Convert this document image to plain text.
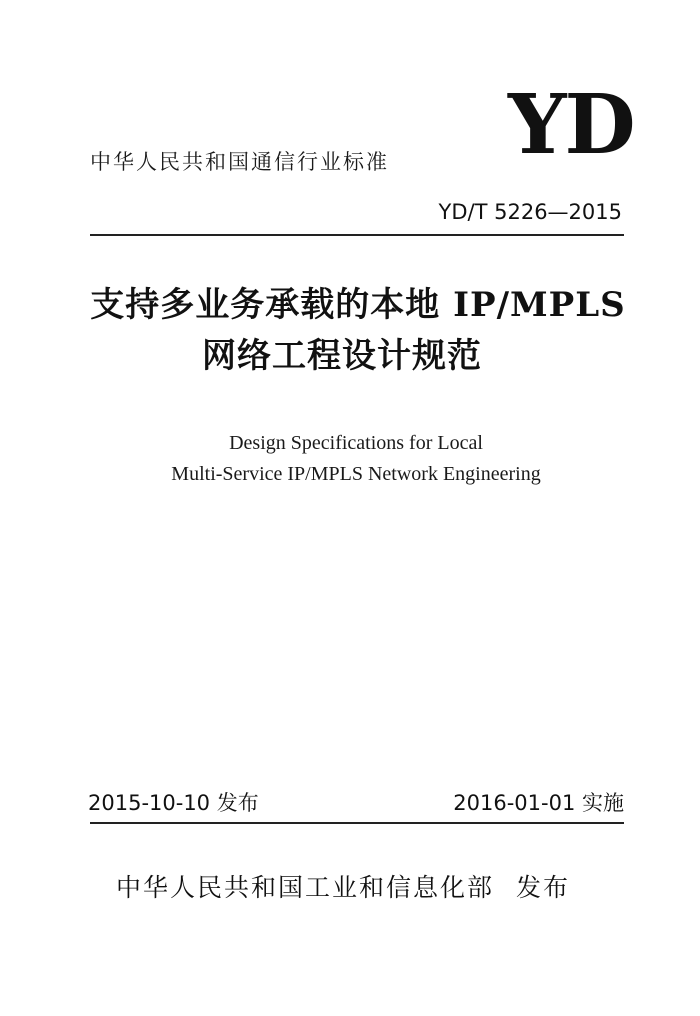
中华人民共和国通信行业标准 YD
YD/T 5226—2015
支持多业务承载的本地 IP/MPLS
网络工程设计规范
Design Specifications for Local
Multi-Service IP/MPLS Network Engineering
2015-10-10 发布	2016-01-01 实施
中华人民共和国工业和信息化部 发布
